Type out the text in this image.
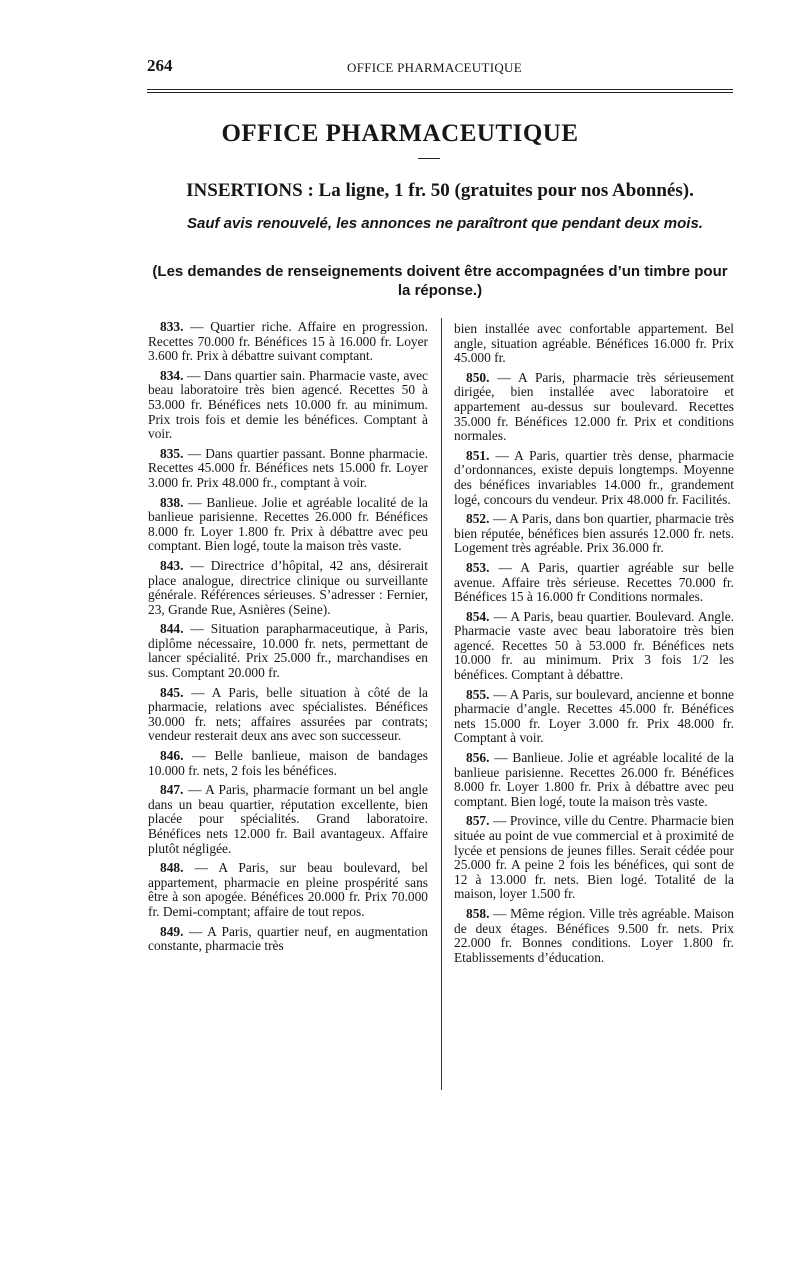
264	OFFICE PHARMACEUTIQUE
OFFICE PHARMACEUTIQUE
INSERTIONS : La ligne, 1 fr. 50 (gratuites pour nos Abonnés).
Sauf avis renouvelé, les annonces ne paraîtront que pendant deux mois.
(Les demandes de renseignements doivent être accompagnées d’un timbre pour la réponse.)

833. — Quartier riche. Affaire en progression. Recettes 70.000 fr. Bénéfices 15 à 16.000 fr. Loyer 3.600 fr. Prix à débattre suivant comptant.

834. — Dans quartier sain. Pharmacie vaste, avec beau laboratoire très bien agencé. Recettes 50 à 53.000 fr. Bénéfices nets 10.000 fr. au minimum. Prix trois fois et demie les bénéfices. Comptant à voir.

835. — Dans quartier passant. Bonne pharmacie. Recettes 45.000 fr. Bénéfices nets 15.000 fr. Loyer 3.000 fr. Prix 48.000 fr., comptant à voir.

838. — Banlieue. Jolie et agréable localité de la banlieue parisienne. Recettes 26.000 fr. Bénéfices 8.000 fr. Loyer 1.800 fr. Prix à débattre avec peu comptant. Bien logé, toute la maison très vaste.

843. — Directrice d’hôpital, 42 ans, désirerait place analogue, directrice clinique ou surveillante générale. Références sérieuses. S’adresser : Fernier, 23, Grande Rue, Asnières (Seine).

844. — Situation parapharmaceutique, à Paris, diplôme nécessaire, 10.000 fr. nets, permettant de lancer spécialité. Prix 25.000 fr., marchandises en sus. Comptant 20.000 fr.

845. — A Paris, belle situation à côté de la pharmacie, relations avec spécialistes. Bénéfices 30.000 fr. nets; affaires assurées par contrats; vendeur resterait deux ans avec son successeur.

846. — Belle banlieue, maison de bandages 10.000 fr. nets, 2 fois les bénéfices.

847. — A Paris, pharmacie formant un bel angle dans un beau quartier, réputation excellente, bien placée pour spécialités. Grand laboratoire. Bénéfices nets 12.000 fr. Bail avantageux. Affaire plutôt négligée.

848. — A Paris, sur beau boulevard, bel appartement, pharmacie en pleine prospérité sans être à son apogée. Bénéfices 20.000 fr. Prix 70.000 fr. Demi-comptant; affaire de tout repos.

849. — A Paris, quartier neuf, en augmentation constante, pharmacie très

bien installée avec confortable appartement. Bel angle, situation agréable. Bénéfices 16.000 fr. Prix 45.000 fr.

850. — A Paris, pharmacie très sérieusement dirigée, bien installée avec laboratoire et appartement au-dessus sur boulevard. Recettes 35.000 fr. Bénéfices 12.000 fr. Prix et conditions normales.

851. — A Paris, quartier très dense, pharmacie d’ordonnances, existe depuis longtemps. Moyenne des bénéfices invariables 14.000 fr., grandement logé, concours du vendeur. Prix 48.000 fr. Facilités.

852. — A Paris, dans bon quartier, pharmacie très bien réputée, bénéfices bien assurés 12.000 fr. nets. Logement très agréable. Prix 36.000 fr.

853. — A Paris, quartier agréable sur belle avenue. Affaire très sérieuse. Recettes 70.000 fr. Bénéfices 15 à 16.000 fr Conditions normales.

854. — A Paris, beau quartier. Boulevard. Angle. Pharmacie vaste avec beau laboratoire très bien agencé. Recettes 50 à 53.000 fr. Bénéfices nets 10.000 fr. au minimum. Prix 3 fois 1/2 les bénéfices. Comptant à débattre.

855. — A Paris, sur boulevard, ancienne et bonne pharmacie d’angle. Recettes 45.000 fr. Bénéfices nets 15.000 fr. Loyer 3.000 fr. Prix 48.000 fr. Comptant à voir.

856. — Banlieue. Jolie et agréable localité de la banlieue parisienne. Recettes 26.000 fr. Bénéfices 8.000 fr. Loyer 1.800 fr. Prix à débattre avec peu comptant. Bien logé, toute la maison très vaste.

857. — Province, ville du Centre. Pharmacie bien située au point de vue commercial et à proximité de lycée et pensions de jeunes filles. Serait cédée pour 25.000 fr. A peine 2 fois les bénéfices, qui sont de 12 à 13.000 fr. nets. Bien logé. Totalité de la maison, loyer 1.500 fr.

858. — Même région. Ville très agréable. Maison de deux étages. Bénéfices 9.500 fr. nets. Prix 22.000 fr. Bonnes conditions. Loyer 1.800 fr. Etablissements d’éducation.
